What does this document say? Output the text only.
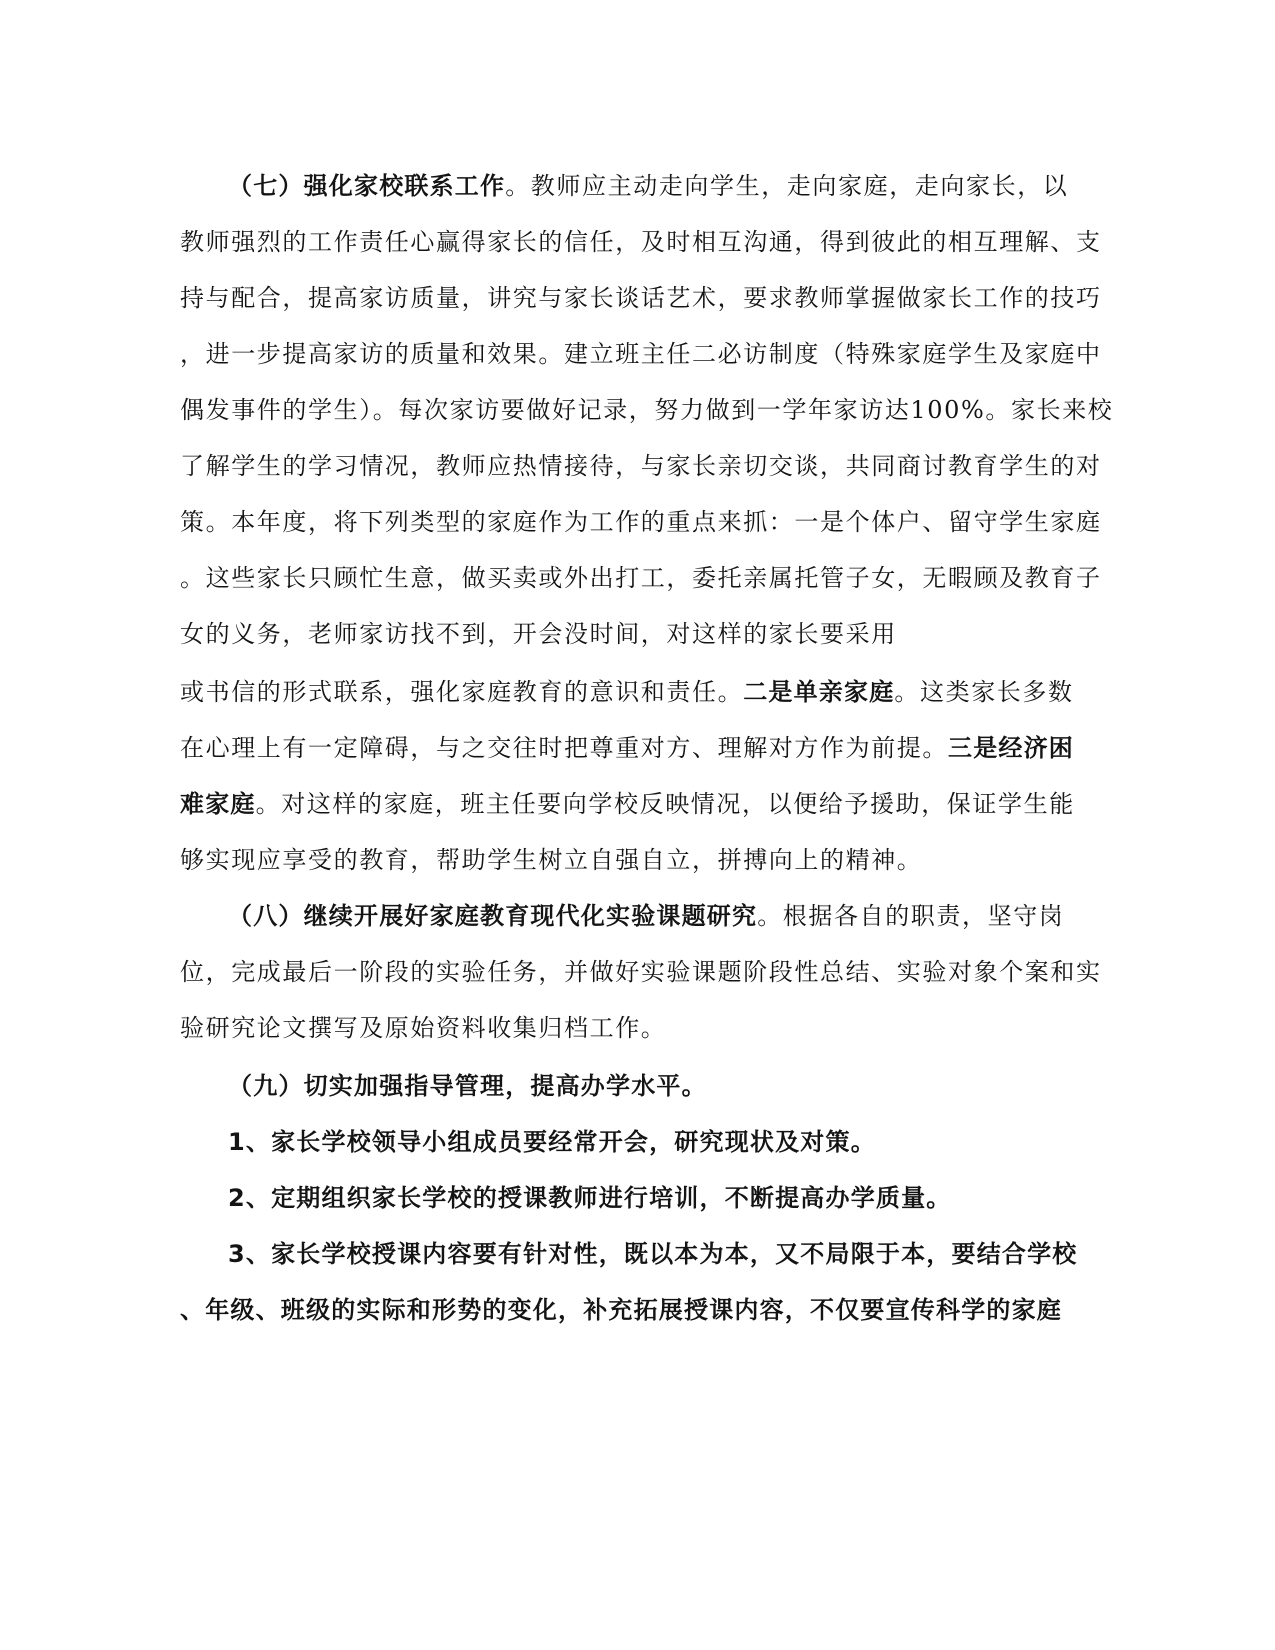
（七）强化家校联系工作。教师应主动走向学生，走向家庭，走向家长，以
教师强烈的工作责任心赢得家长的信任，及时相互沟通，得到彼此的相互理解、支
持与配合，提高家访质量，讲究与家长谈话艺术，要求教师掌握做家长工作的技巧
，进一步提高家访的质量和效果。建立班主任二必访制度（特殊家庭学生及家庭中
偶发事件的学生）。每次家访要做好记录，努力做到一学年家访达100%。家长来校
了解学生的学习情况，教师应热情接待，与家长亲切交谈，共同商讨教育学生的对
策。本年度，将下列类型的家庭作为工作的重点来抓：一是个体户、留守学生家庭
。这些家长只顾忙生意，做买卖或外出打工，委托亲属托管子女，无暇顾及教育子
女的义务，老师家访找不到，开会没时间，对这样的家长要采用
或书信的形式联系，强化家庭教育的意识和责任。二是单亲家庭。这类家长多数
在心理上有一定障碍，与之交往时把尊重对方、理解对方作为前提。三是经济困
难家庭。对这样的家庭，班主任要向学校反映情况，以便给予援助，保证学生能
够实现应享受的教育，帮助学生树立自强自立，拼搏向上的精神。
（八）继续开展好家庭教育现代化实验课题研究。根据各自的职责，坚守岗
位，完成最后一阶段的实验任务，并做好实验课题阶段性总结、实验对象个案和实
验研究论文撰写及原始资料收集归档工作。
（九）切实加强指导管理，提高办学水平。
1、家长学校领导小组成员要经常开会，研究现状及对策。
2、定期组织家长学校的授课教师进行培训，不断提高办学质量。
3、家长学校授课内容要有针对性，既以本为本，又不局限于本，要结合学校
、年级、班级的实际和形势的变化，补充拓展授课内容，不仅要宣传科学的家庭
